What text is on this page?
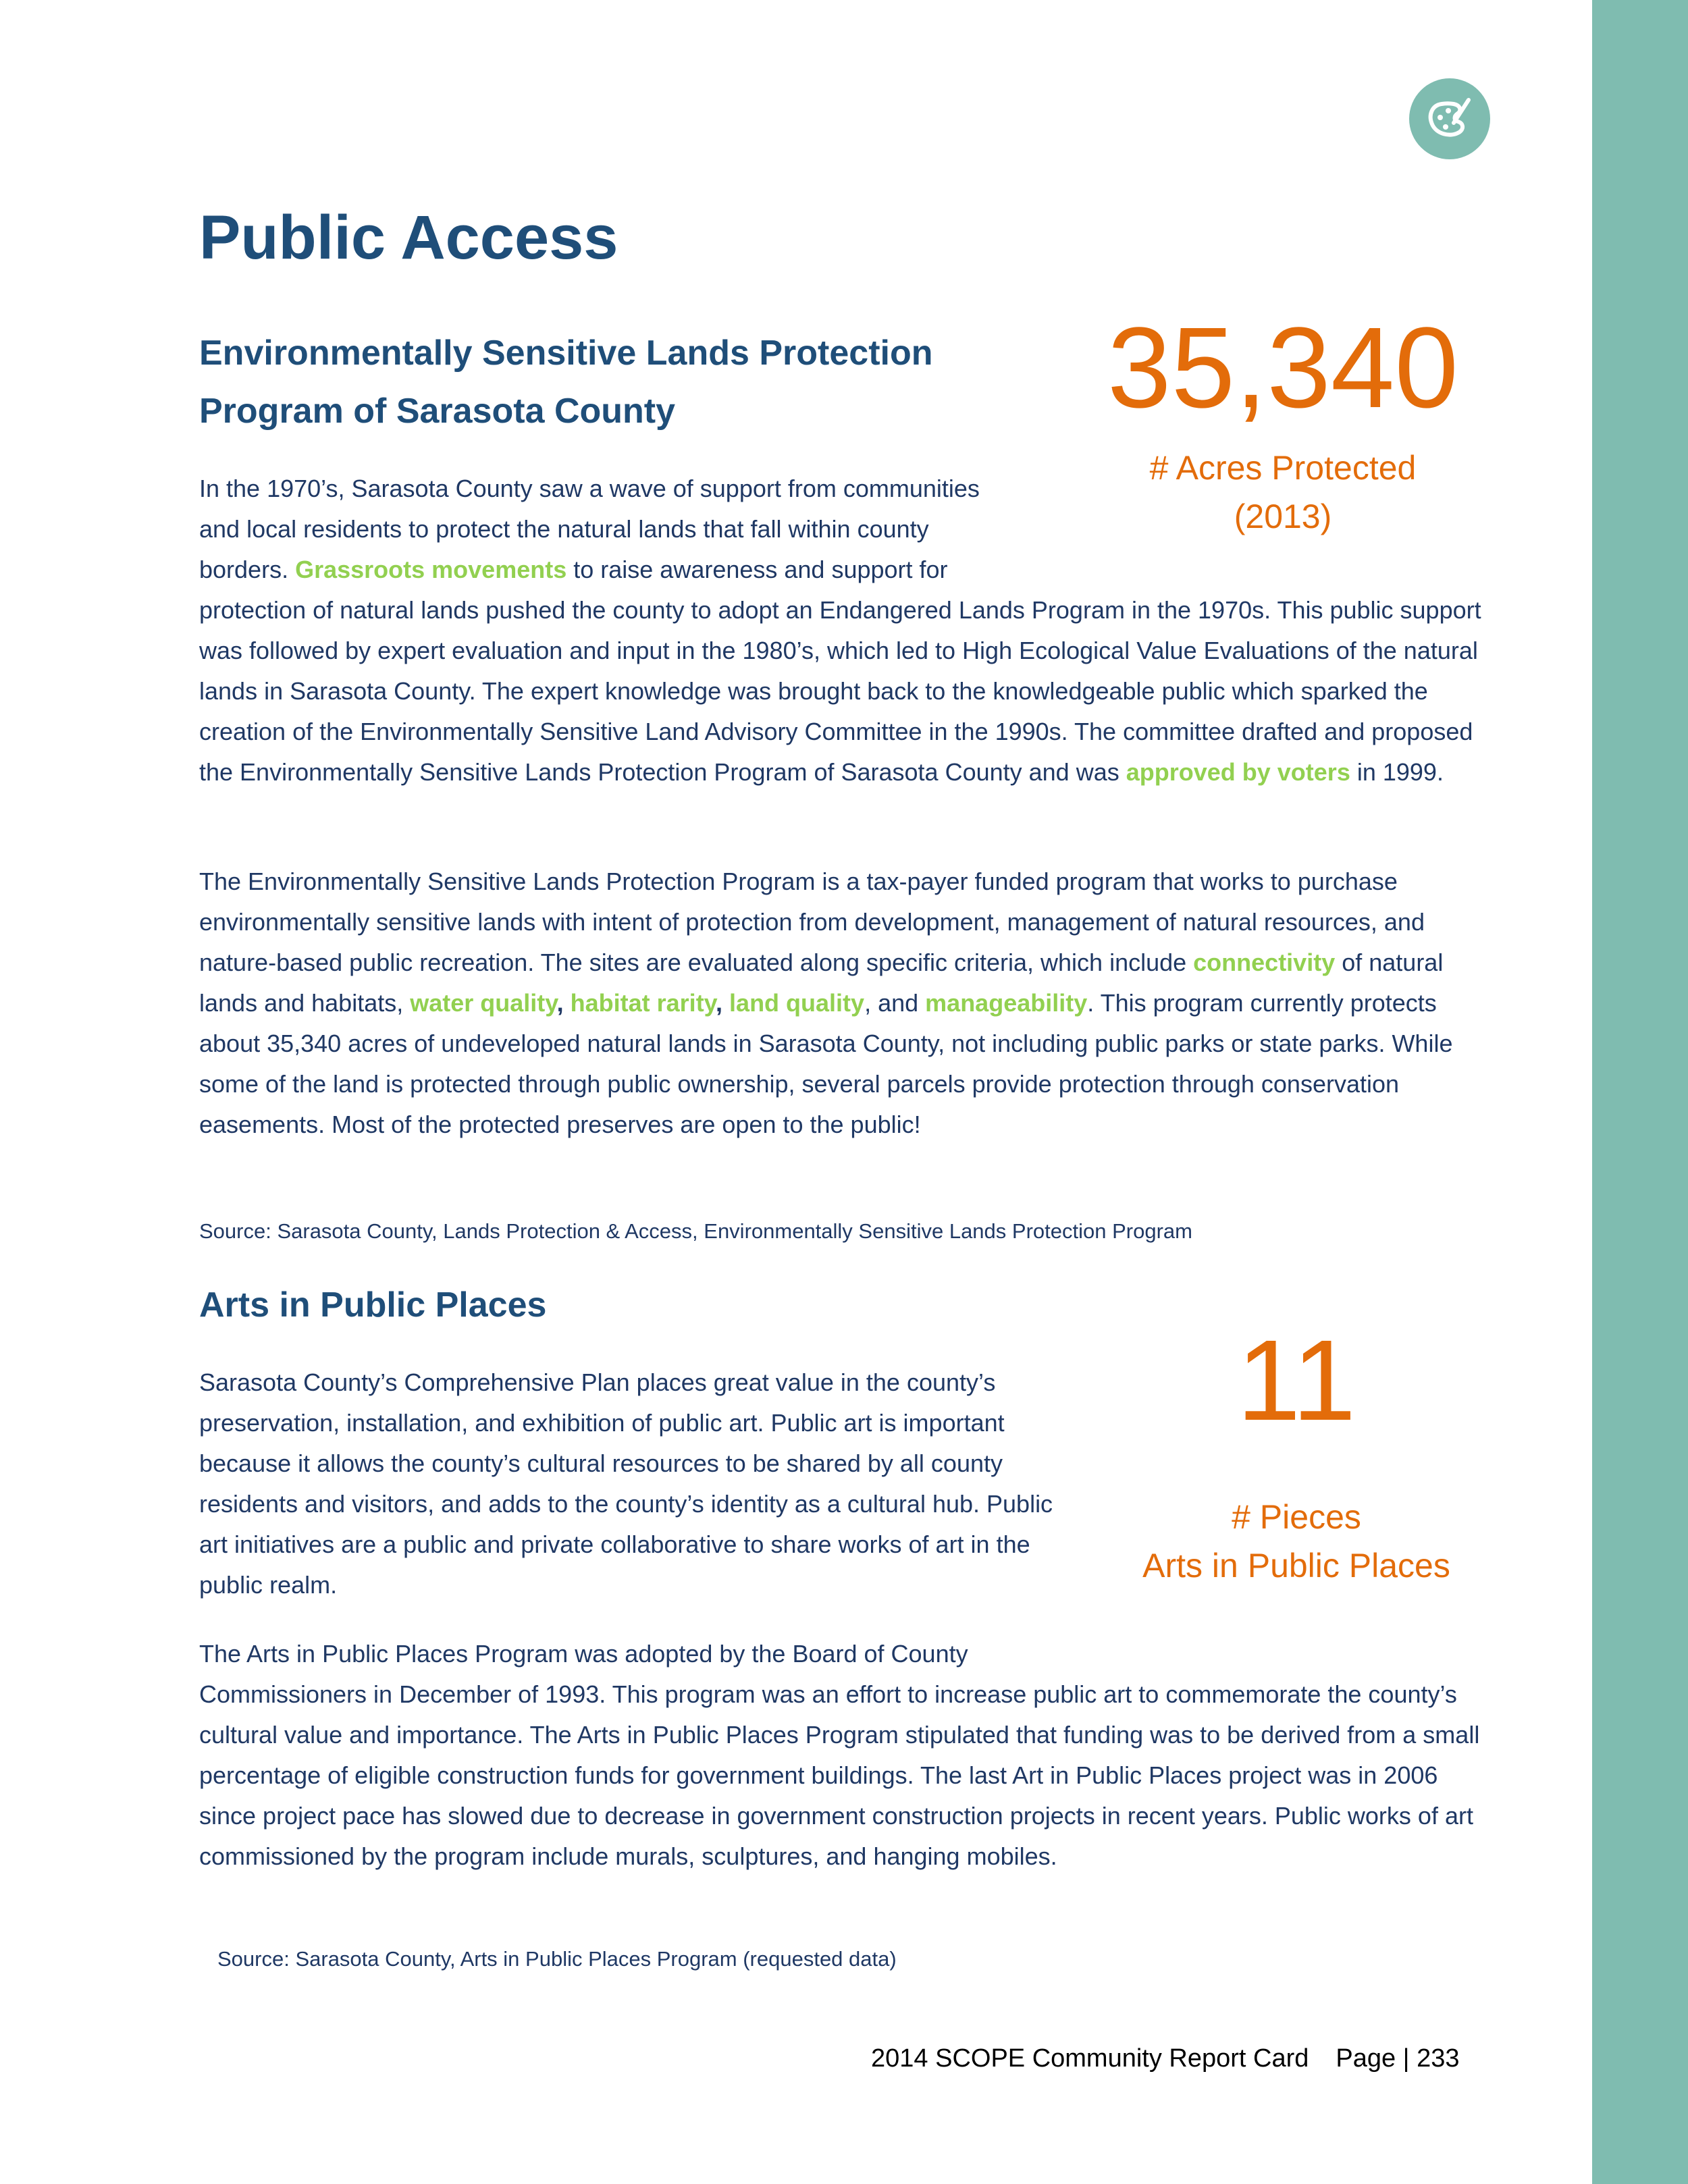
Public Access
Environmentally Sensitive Lands Protection
Program of Sarasota County	35,340
# Acres Protected
(2013)

In the 1970’s, Sarasota County saw a wave of support from communities
and local residents to protect the natural lands that fall within county
borders. Grassroots movements to raise awareness and support for
protection of natural lands pushed the county to adopt an Endangered Lands Program in the 1970s. This public support was followed by expert evaluation and input in the 1980’s, which led to High Ecological Value Evaluations of the natural lands in Sarasota County. The expert knowledge was brought back to the knowledgeable public which sparked the creation of the Environmentally Sensitive Land Advisory Committee in the 1990s. The committee drafted and proposed the Environmentally Sensitive Lands Protection Program of Sarasota County and was approved by voters in 1999.

The Environmentally Sensitive Lands Protection Program is a tax-payer funded program that works to purchase environmentally sensitive lands with intent of protection from development, management of natural resources, and nature-based public recreation. The sites are evaluated along specific criteria, which include connectivity of natural lands and habitats, water quality, habitat rarity, land quality, and manageability. This program currently protects about 35,340 acres of undeveloped natural lands in Sarasota County, not including public parks or state parks. While some of the land is protected through public ownership, several parcels provide protection through conservation easements. Most of the protected preserves are open to the public!

Source: Sarasota County, Lands Protection & Access, Environmentally Sensitive Lands Protection Program
Arts in Public Places
11
# Pieces
Arts in Public Places

Sarasota County’s Comprehensive Plan places great value in the county’s preservation, installation, and exhibition of public art. Public art is important because it allows the county’s cultural resources to be shared by all county residents and visitors, and adds to the county’s identity as a cultural hub. Public art initiatives are a public and private collaborative to share works of art in the public realm.

The Arts in Public Places Program was adopted by the Board of County
Commissioners in December of 1993. This program was an effort to increase public art to commemorate the county’s cultural value and importance. The Arts in Public Places Program stipulated that funding was to be derived from a small percentage of eligible construction funds for government buildings. The last Art in Public Places project was in 2006 since project pace has slowed due to decrease in government construction projects in recent years. Public works of art commissioned by the program include murals, sculptures, and hanging mobiles.

Source: Sarasota County, Arts in Public Places Program (requested data)
2014 SCOPE Community Report Card Page | 233
